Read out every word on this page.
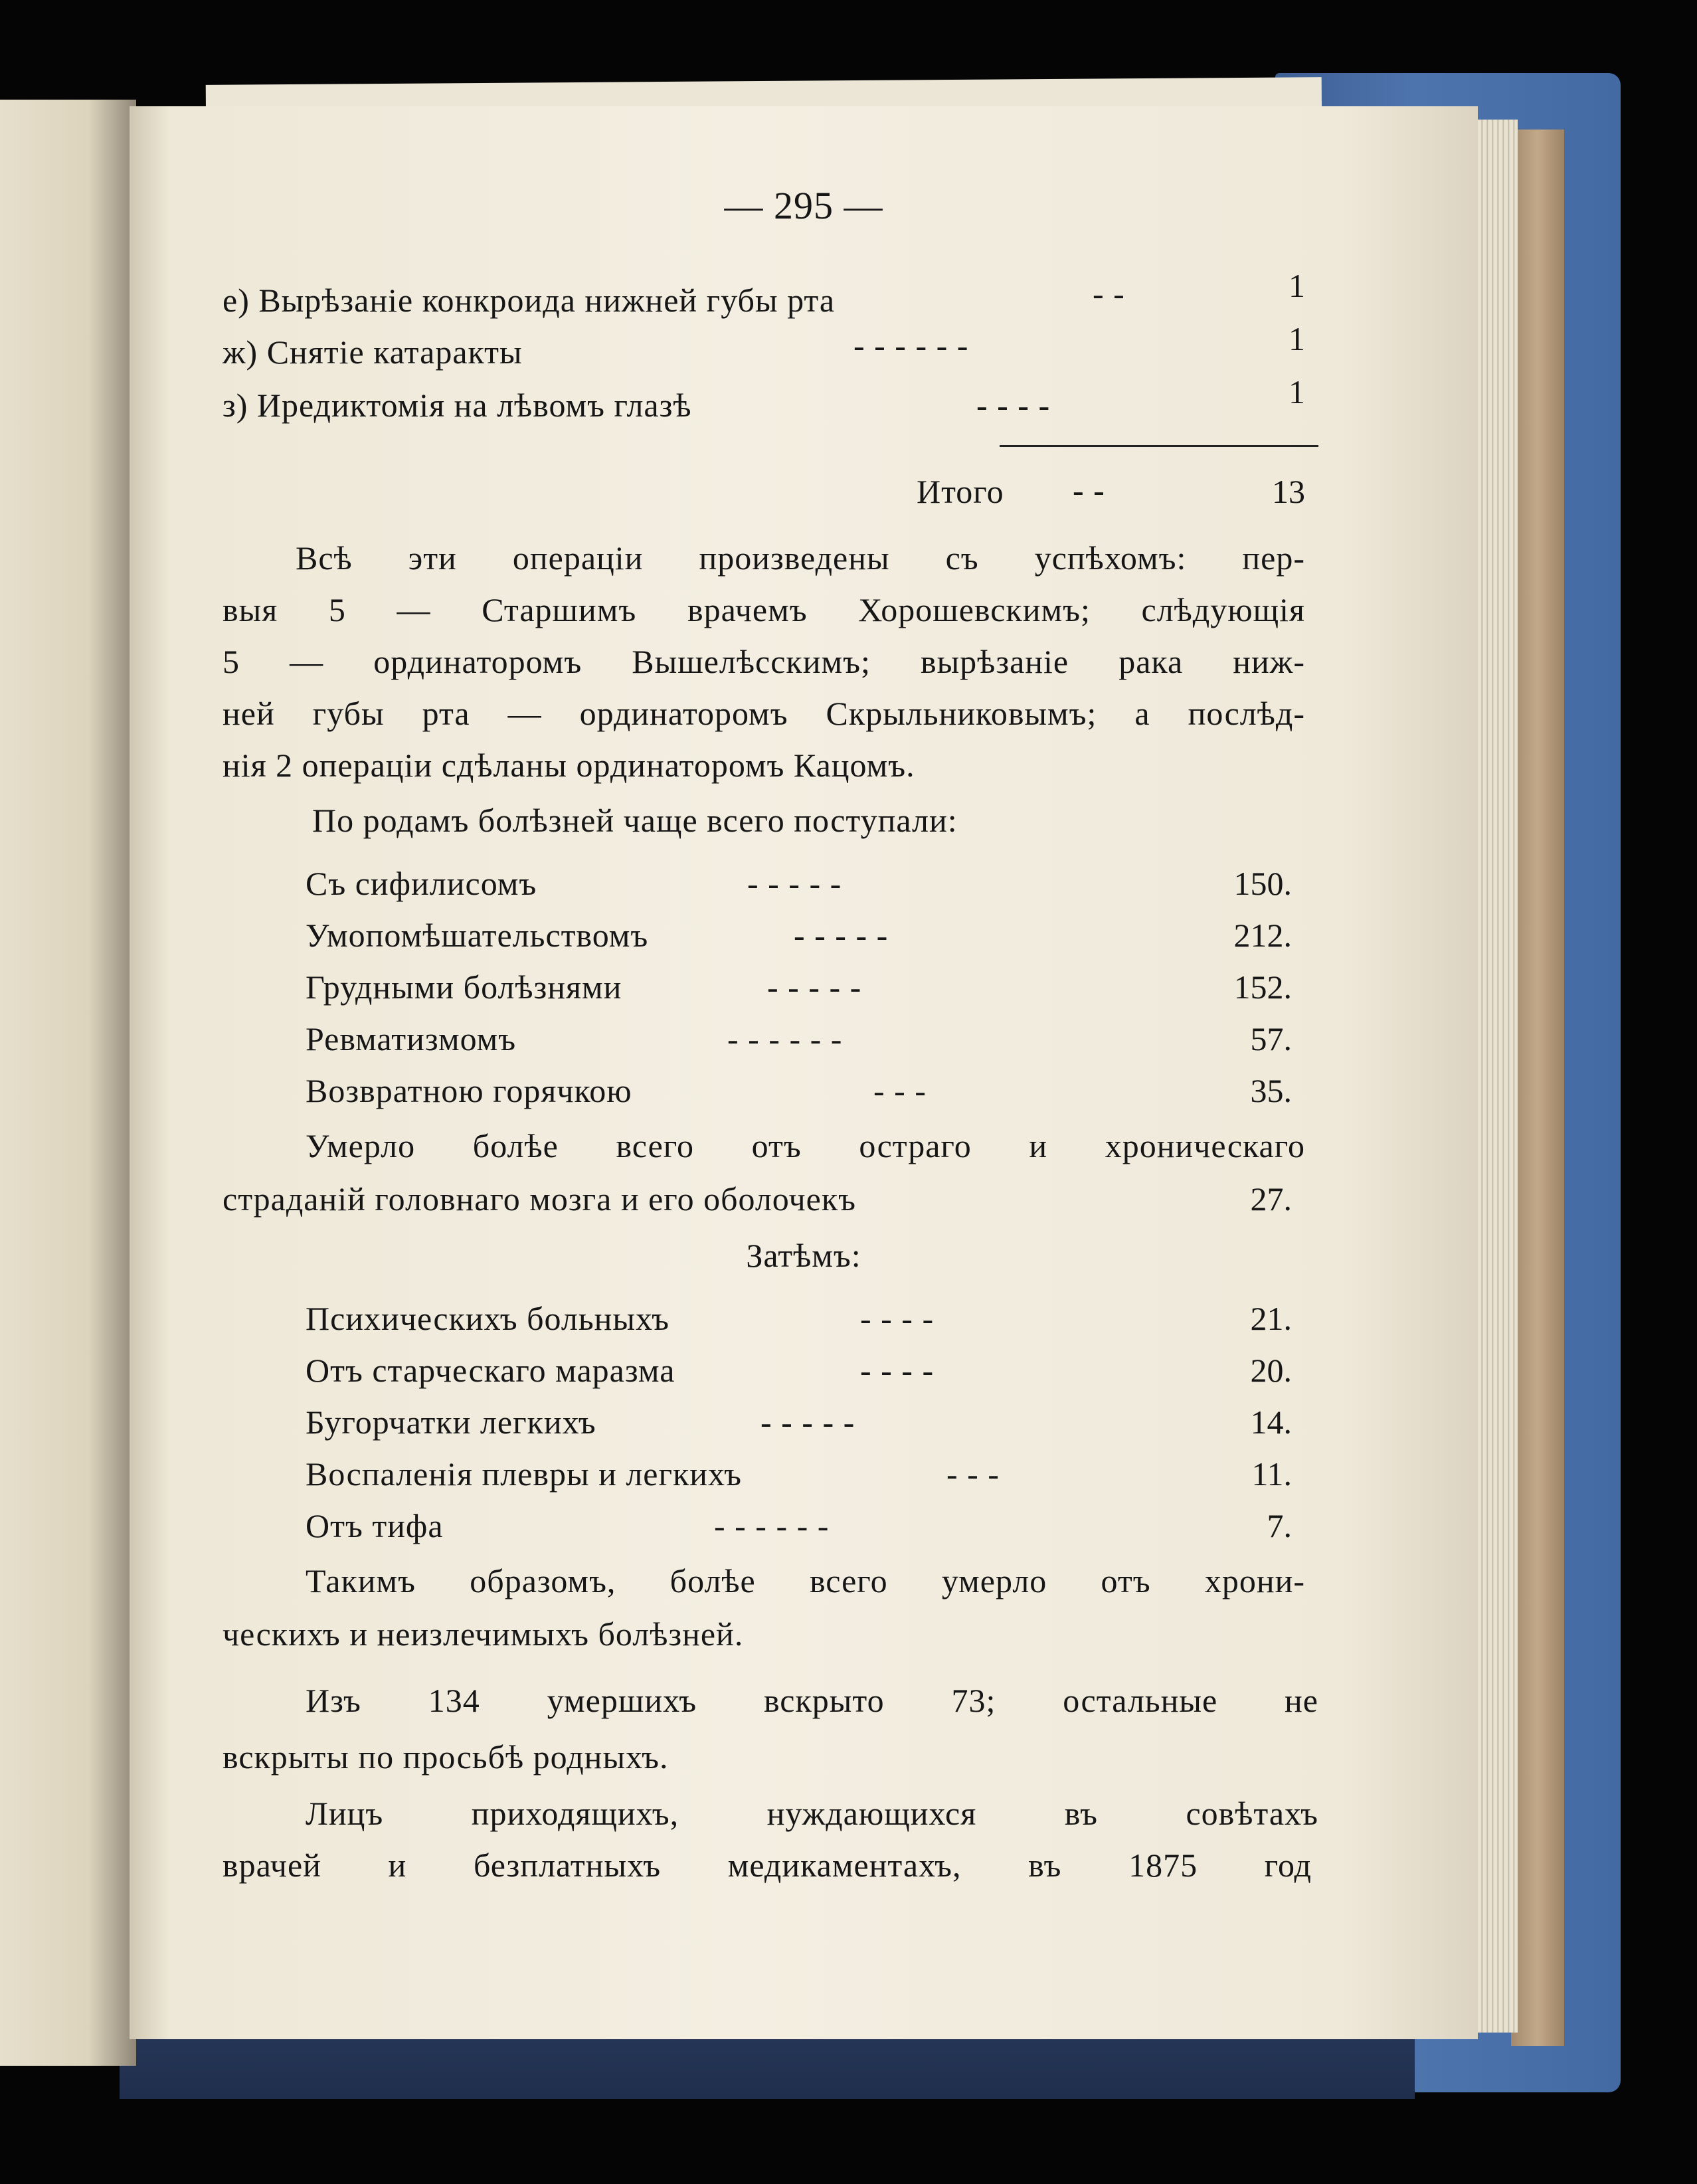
— 295 —
е) Вырѣзаніе конкроида нижней губы рта	- -	1
ж) Снятіе катаракты	- - - - - -	1
з) Иредиктомія на лѣвомъ глазѣ	- - - -	1
Итого - -	13
Всѣ эти операціи произведены съ успѣхомъ: пер-
выя 5 — Старшимъ врачемъ Хорошевскимъ; слѣдующія
5 — ординаторомъ Вышелѣсскимъ; вырѣзаніе рака ниж-
ней губы рта — ординаторомъ Скрыльниковымъ; а послѣд-
нія 2 операціи сдѣланы ординаторомъ Кацомъ.
По родамъ болѣзней чаще всего поступали:
Съ сифилисомъ	- - - - -	150.
Умопомѣшательствомъ	- - - - -	212.
Грудными болѣзнями	- - - - -	152.
Ревматизмомъ	- - - - - -	57.
Возвратною горячкою	- - -	35.
Умерло болѣе всего отъ остраго и хроническаго
страданій головнаго мозга и его оболочекъ	27.
Затѣмъ:
Психическихъ больныхъ	- - - -	21.
Отъ старческаго маразма	- - - -	20.
Бугорчатки легкихъ	- - - - -	14.
Воспаленія плевры и легкихъ	- - -	11.
Отъ тифа	- - - - - -	7.
Такимъ образомъ, болѣе всего умерло отъ хрони-
ческихъ и неизлечимыхъ болѣзней.
Изъ 134 умершихъ вскрыто 73; остальные не
вскрыты по просьбѣ родныхъ.
Лицъ приходящихъ, нуждающихся въ совѣтахъ
врачей и безплатныхъ медикаментахъ, въ 1875 год
